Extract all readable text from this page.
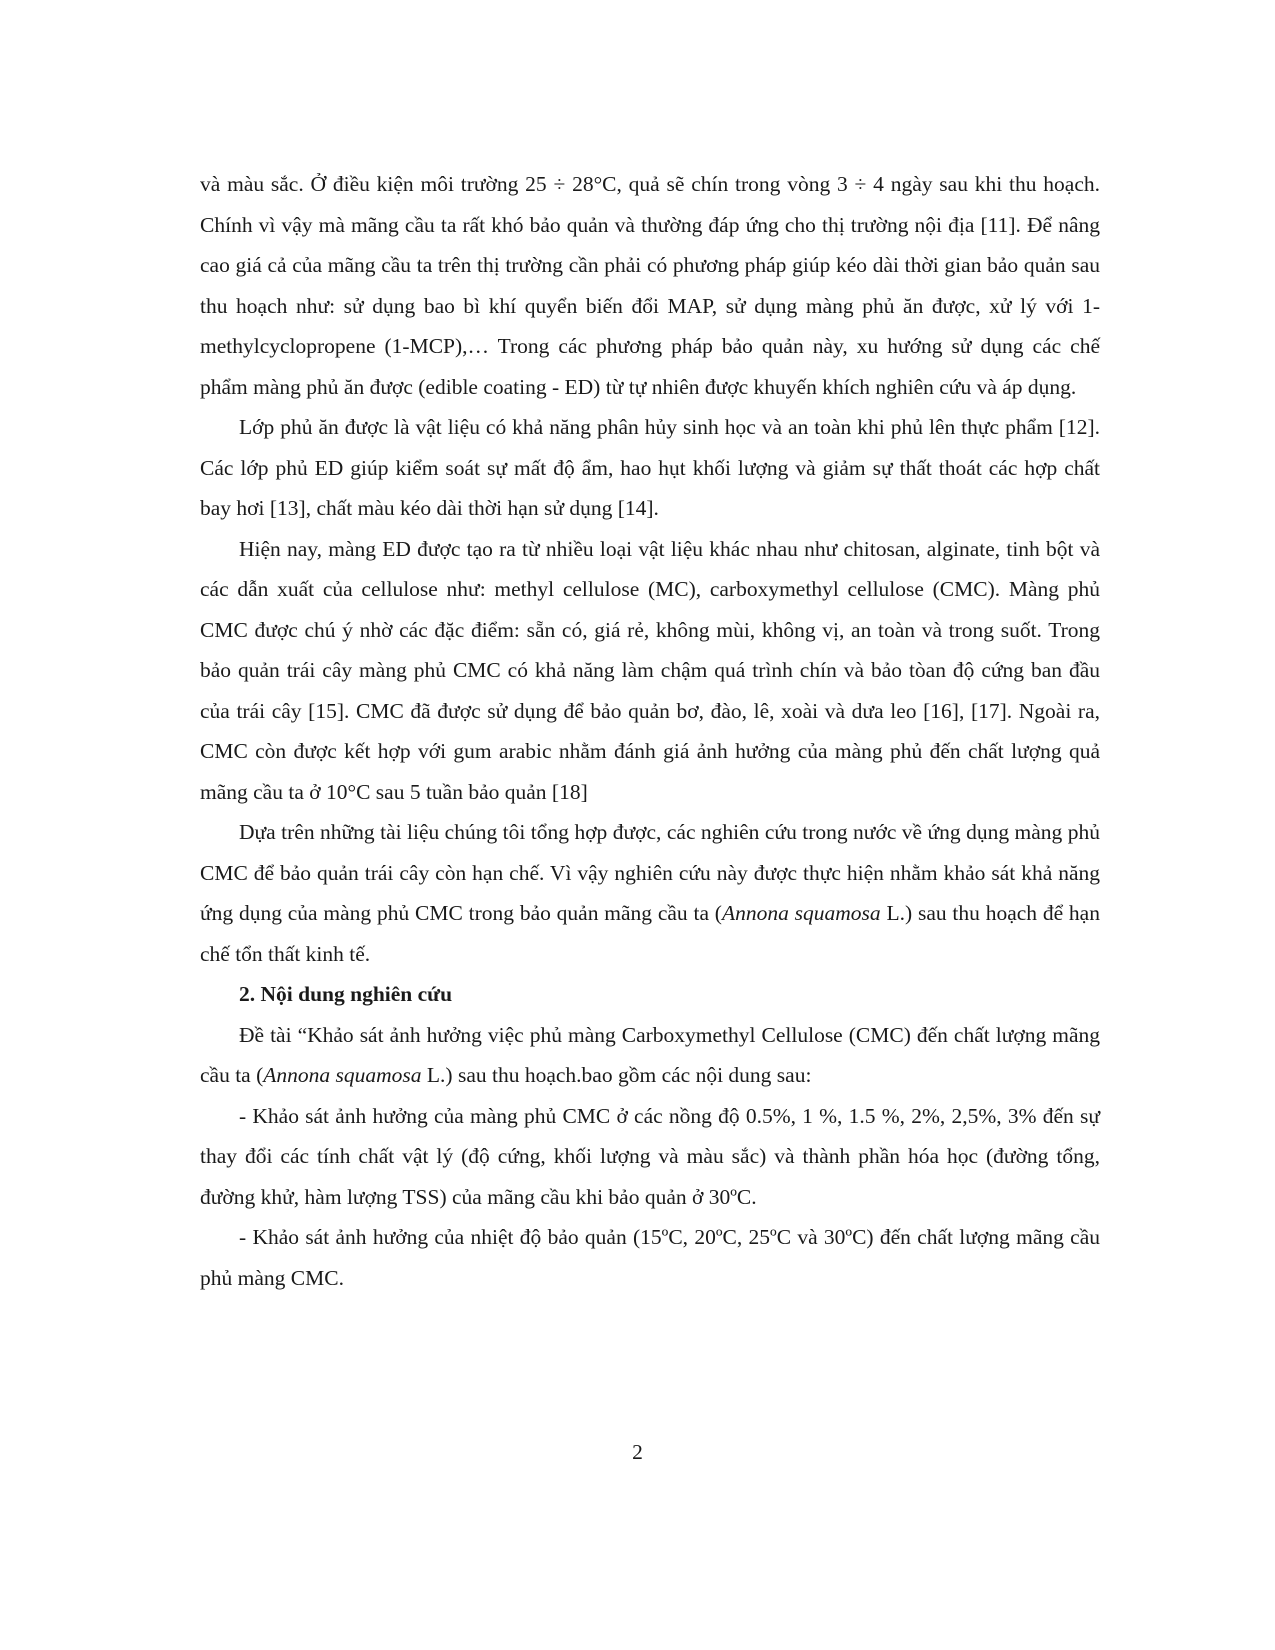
và màu sắc. Ở điều kiện môi trường 25 ÷ 28°C, quả sẽ chín trong vòng 3 ÷ 4 ngày sau khi thu hoạch. Chính vì vậy mà mãng cầu ta rất khó bảo quản và thường đáp ứng cho thị trường nội địa [11]. Để nâng cao giá cả của mãng cầu ta trên thị trường cần phải có phương pháp giúp kéo dài thời gian bảo quản sau thu hoạch như: sử dụng bao bì khí quyển biến đổi MAP, sử dụng màng phủ ăn được, xử lý với 1-methylcyclopropene (1-MCP),… Trong các phương pháp bảo quản này, xu hướng sử dụng các chế phẩm màng phủ ăn được (edible coating - ED) từ tự nhiên được khuyến khích nghiên cứu và áp dụng.

Lớp phủ ăn được là vật liệu có khả năng phân hủy sinh học và an toàn khi phủ lên thực phẩm [12]. Các lớp phủ ED giúp kiểm soát sự mất độ ẩm, hao hụt khối lượng và giảm sự thất thoát các hợp chất bay hơi [13], chất màu kéo dài thời hạn sử dụng [14].

Hiện nay, màng ED được tạo ra từ nhiều loại vật liệu khác nhau như chitosan, alginate, tinh bột và các dẫn xuất của cellulose như: methyl cellulose (MC), carboxymethyl cellulose (CMC). Màng phủ CMC được chú ý nhờ các đặc điểm: sẵn có, giá rẻ, không mùi, không vị, an toàn và trong suốt. Trong bảo quản trái cây màng phủ CMC có khả năng làm chậm quá trình chín và bảo tòan độ cứng ban đầu của trái cây [15]. CMC đã được sử dụng để bảo quản bơ, đào, lê, xoài và dưa leo [16], [17]. Ngoài ra, CMC còn được kết hợp với gum arabic nhằm đánh giá ảnh hưởng của màng phủ đến chất lượng quả mãng cầu ta ở 10°C sau 5 tuần bảo quản [18]

Dựa trên những tài liệu chúng tôi tổng hợp được, các nghiên cứu trong nước về ứng dụng màng phủ CMC để bảo quản trái cây còn hạn chế. Vì vậy nghiên cứu này được thực hiện nhằm khảo sát khả năng ứng dụng của màng phủ CMC trong bảo quản mãng cầu ta (Annona squamosa L.) sau thu hoạch để hạn chế tổn thất kinh tế.

2. Nội dung nghiên cứu

Đề tài “Khảo sát ảnh hưởng việc phủ màng Carboxymethyl Cellulose (CMC) đến chất lượng mãng cầu ta (Annona squamosa L.) sau thu hoạch.bao gồm các nội dung sau:

- Khảo sát ảnh hưởng của màng phủ CMC ở các nồng độ 0.5%, 1 %, 1.5 %, 2%, 2,5%, 3% đến sự thay đổi các tính chất vật lý (độ cứng, khối lượng và màu sắc) và thành phần hóa học (đường tổng, đường khử, hàm lượng TSS) của mãng cầu khi bảo quản ở 30ºC.

- Khảo sát ảnh hưởng của nhiệt độ bảo quản (15ºC, 20ºC, 25ºC và 30ºC) đến chất lượng mãng cầu phủ màng CMC.

2
